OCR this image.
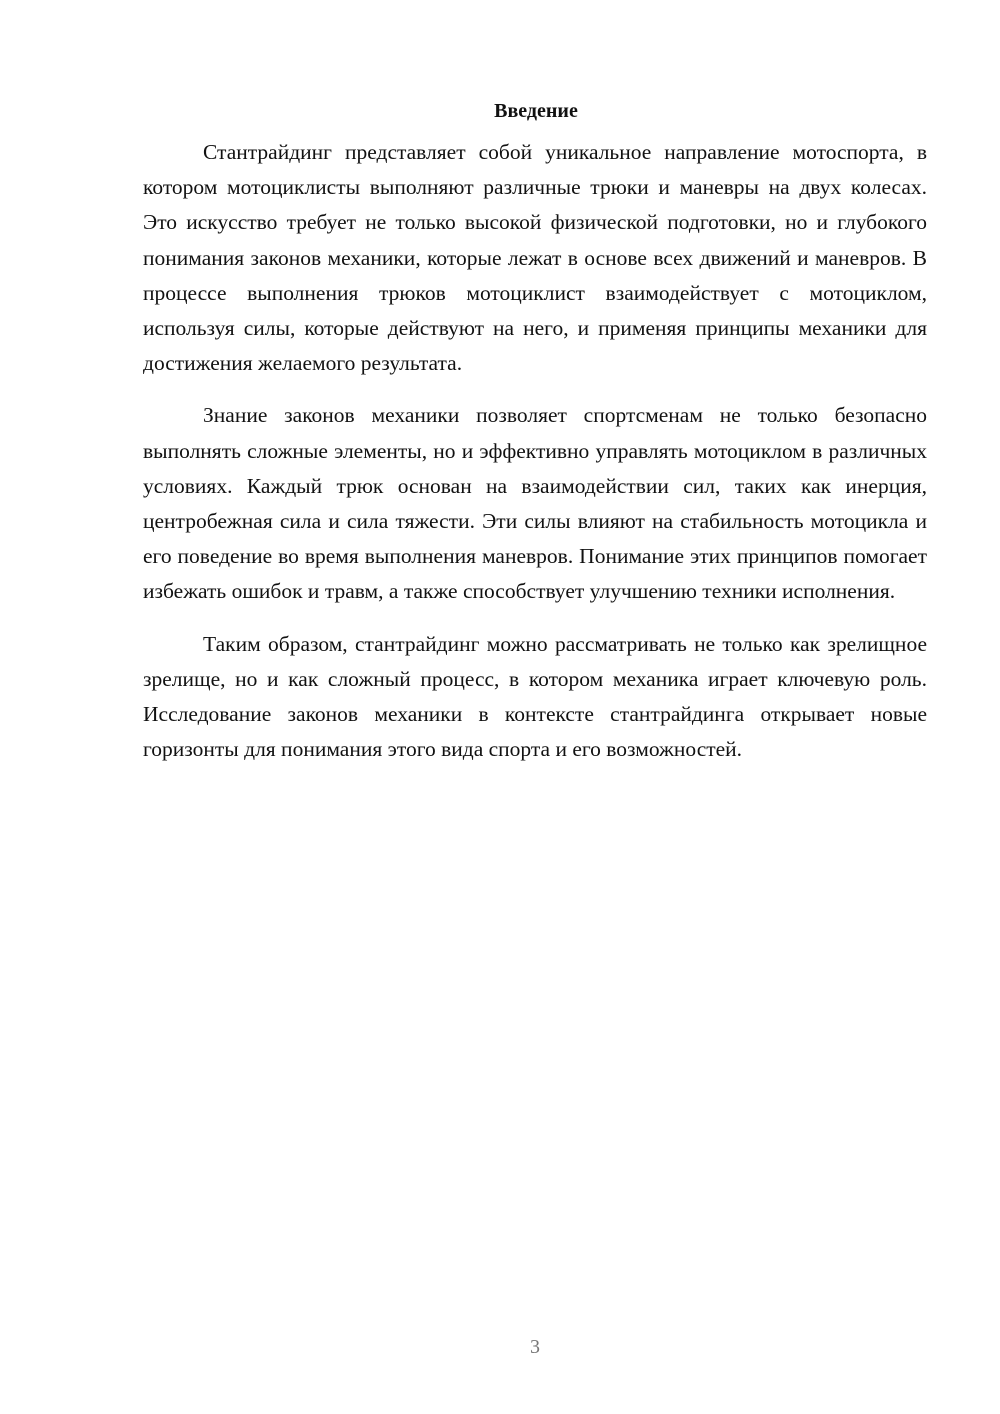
Введение

Стантрайдинг представляет собой уникальное направление мотоспорта, в котором мотоциклисты выполняют различные трюки и маневры на двух колесах. Это искусство требует не только высокой физической подготовки, но и глубокого понимания законов механики, которые лежат в основе всех движений и маневров. В процессе выполнения трюков мотоциклист взаимодействует с мотоциклом, используя силы, которые действуют на него, и применяя принципы механики для достижения желаемого результата.

Знание законов механики позволяет спортсменам не только безопасно выполнять сложные элементы, но и эффективно управлять мотоциклом в различных условиях. Каждый трюк основан на взаимодействии сил, таких как инерция, центробежная сила и сила тяжести. Эти силы влияют на стабильность мотоцикла и его поведение во время выполнения маневров. Понимание этих принципов помогает избежать ошибок и травм, а также способствует улучшению техники исполнения.

Таким образом, стантрайдинг можно рассматривать не только как зрелищное зрелище, но и как сложный процесс, в котором механика играет ключевую роль. Исследование законов механики в контексте стантрайдинга открывает новые горизонты для понимания этого вида спорта и его возможностей.

3
